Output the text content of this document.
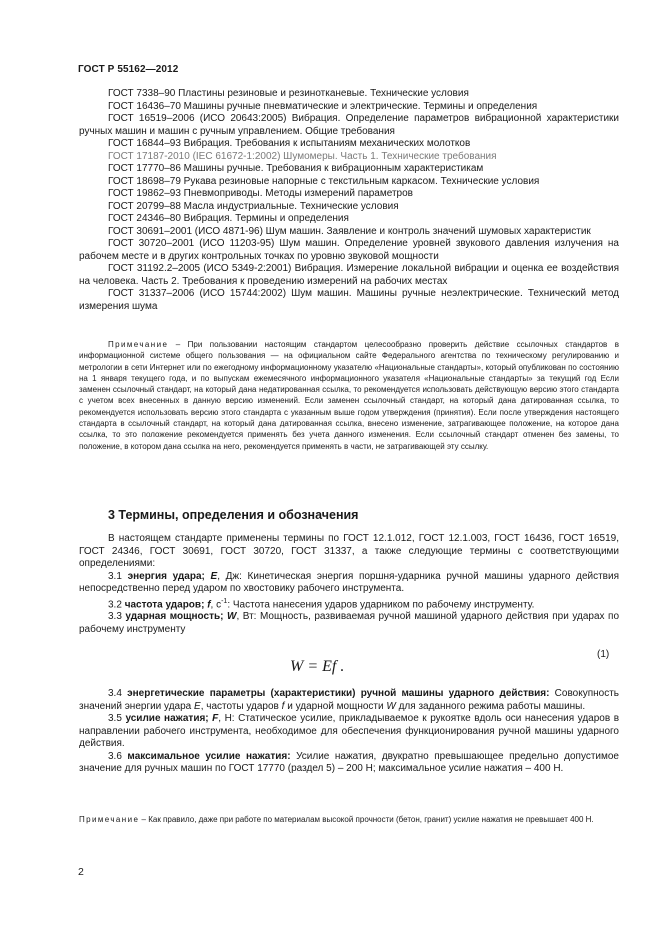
ГОСТ Р 55162—2012

ГОСТ 7338–90 Пластины резиновые и резинотканевые. Технические условия

ГОСТ 16436–70 Машины ручные пневматические и электрические. Термины и определения

ГОСТ 16519–2006 (ИСО 20643:2005) Вибрация. Определение параметров вибрационной характеристики ручных машин и машин с ручным управлением. Общие требования

ГОСТ 16844–93 Вибрация. Требования к испытаниям механических молотков

ГОСТ 17187-2010 (IEC 61672-1:2002) Шумомеры. Часть 1. Технические требования

ГОСТ 17770–86 Машины ручные. Требования к вибрационным характеристикам

ГОСТ 18698–79 Рукава резиновые напорные с текстильным каркасом. Технические условия

ГОСТ 19862–93 Пневмоприводы. Методы измерений параметров

ГОСТ 20799–88 Масла индустриальные. Технические условия

ГОСТ 24346–80 Вибрация. Термины и определения

ГОСТ 30691–2001 (ИСО 4871-96) Шум машин. Заявление и контроль значений шумовых характеристик

ГОСТ 30720–2001 (ИСО 11203-95) Шум машин. Определение уровней звукового давления излучения на рабочем месте и в других контрольных точках по уровню звуковой мощности

ГОСТ 31192.2–2005 (ИСО 5349-2:2001) Вибрация. Измерение локальной вибрации и оценка ее воздействия на человека. Часть 2. Требования к проведению измерений на рабочих местах

ГОСТ 31337–2006 (ИСО 15744:2002) Шум машин. Машины ручные неэлектрические. Технический метод измерения шума

Примечание – При пользовании настоящим стандартом целесообразно проверить действие ссылочных стандартов в информационной системе общего пользования — на официальном сайте Федерального агентства по техническому регулированию и метрологии в сети Интернет или по ежегодному информационному указателю «Национальные стандарты», который опубликован по состоянию на 1 января текущего года, и по выпускам ежемесячного информационного указателя «Национальные стандарты» за текущий год Если заменен ссылочный стандарт, на который дана недатированная ссылка, то рекомендуется использовать действующую версию этого стандарта с учетом всех внесенных в данную версию изменений. Если заменен ссылочный стандарт, на который дана датированная ссылка, то рекомендуется использовать версию этого стандарта с указанным выше годом утверждения (принятия). Если после утверждения настоящего стандарта в ссылочный стандарт, на который дана датированная ссылка, внесено изменение, затрагивающее положение, на которое дана ссылка, то это положение рекомендуется применять без учета данного изменения. Если ссылочный стандарт отменен без замены, то положение, в котором дана ссылка на него, рекомендуется применять в части, не затрагивающей эту ссылку.

3 Термины, определения и обозначения

В настоящем стандарте применены термины по ГОСТ 12.1.012, ГОСТ 12.1.003, ГОСТ 16436, ГОСТ 16519, ГОСТ 24346, ГОСТ 30691, ГОСТ 30720, ГОСТ 31337, а также следующие термины с соответствующими определениями:

3.1 энергия удара; E, Дж: Кинетическая энергия поршня-ударника ручной машины ударного действия непосредственно перед ударом по хвостовику рабочего инструмента.

3.2 частота ударов; f, $с^{-1}$: Частота нанесения ударов ударником по рабочему инструменту.

3.3 ударная мощность; W, Вт: Мощность, развиваемая ручной машиной ударного действия при ударах по рабочему инструменту

(1)
W = Ef .

3.4 энергетические параметры (характеристики) ручной машины ударного действия: Совокупность значений энергии удара E, частоты ударов f и ударной мощности W для заданного режима работы машины.

3.5 усилие нажатия; F, Н: Статическое усилие, прикладываемое к рукоятке вдоль оси нанесения ударов в направлении рабочего инструмента, необходимое для обеспечения функционирования ручной машины ударного действия.

3.6 максимальное усилие нажатия: Усилие нажатия, двукратно превышающее предельно допустимое значение для ручных машин по ГОСТ 17770 (раздел 5) – 200 Н; максимальное усилие нажатия – 400 Н.

Примечание – Как правило, даже при работе по материалам высокой прочности (бетон, гранит) усилие нажатия не превышает 400 Н.

2
